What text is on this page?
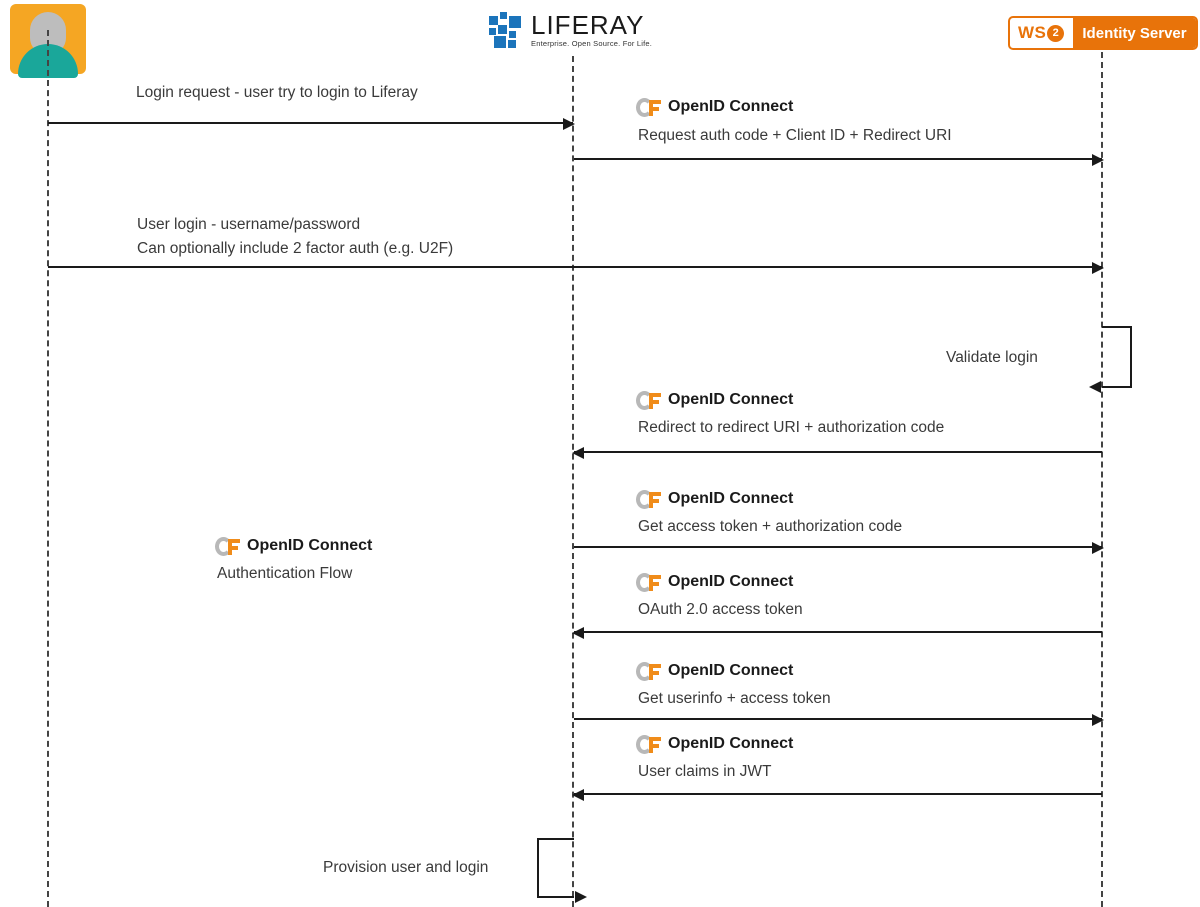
LIFERAY
Enterprise. Open Source. For Life.
WS 2	Identity Server
Login request - user try to login to Liferay
OpenID Connect
Request auth code + Client ID + Redirect URI
User login - username/password
Can optionally include 2 factor auth (e.g. U2F)
Validate login
OpenID Connect
Redirect to redirect URI + authorization code
OpenID Connect
Get access token + authorization code
OpenID Connect
OAuth 2.0 access token
OpenID Connect
Get userinfo + access token
OpenID Connect
User claims in JWT
Provision user and login
OpenID Connect
Authentication Flow
